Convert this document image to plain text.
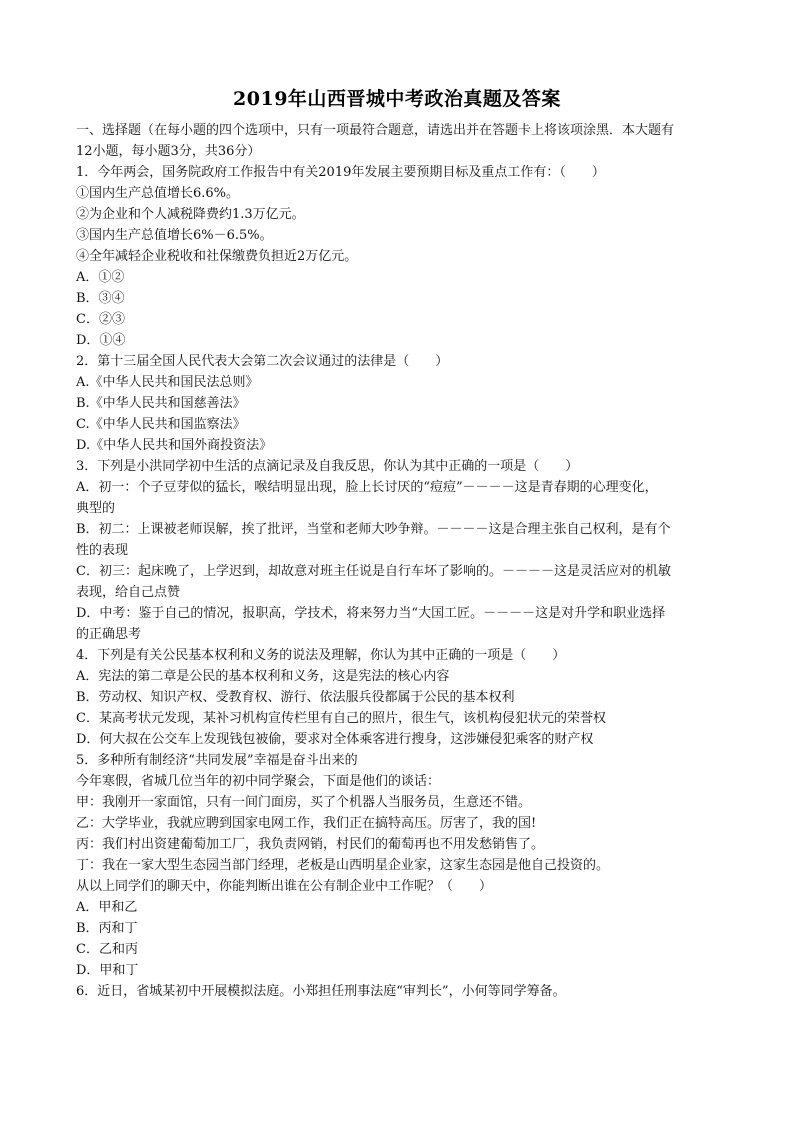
2019年山西晋城中考政治真题及答案
一、选择题（在每小题的四个选项中，只有一项最符合题意，请选出并在答题卡上将该项涂黑．本大题有
12小题，每小题3分，共36分）
1．今年两会，国务院政府工作报告中有关2019年发展主要预期目标及重点工作有：（　　）
①国内生产总值增长6.6%。
②为企业和个人减税降费约1.3万亿元。
③国内生产总值增长6%－6.5%。
④全年减轻企业税收和社保缴费负担近2万亿元。
A．①②
B．③④
C．②③
D．①④
2．第十三届全国人民代表大会第二次会议通过的法律是（　　）
A.《中华人民共和国民法总则》
B.《中华人民共和国慈善法》
C.《中华人民共和国监察法》
D.《中华人民共和国外商投资法》
3．下列是小洪同学初中生活的点滴记录及自我反思，你认为其中正确的一项是（　　）
A．初一：个子豆芽似的猛长，喉结明显出现，脸上长讨厌的“痘痘”－－－－这是青春期的心理变化，
典型的
B．初二：上课被老师误解，挨了批评，当堂和老师大吵争辩。－－－－这是合理主张自己权利，是有个
性的表现
C．初三：起床晚了，上学迟到，却故意对班主任说是自行车坏了影响的。－－－－这是灵活应对的机敏
表现，给自己点赞
D．中考：鉴于自己的情况，报职高，学技术，将来努力当“大国工匠。－－－－这是对升学和职业选择
的正确思考
4．下列是有关公民基本权利和义务的说法及理解，你认为其中正确的一项是（　　）
A．宪法的第二章是公民的基本权利和义务，这是宪法的核心内容
B．劳动权、知识产权、受教育权、游行、依法服兵役都属于公民的基本权利
C．某高考状元发现，某补习机构宣传栏里有自己的照片，很生气，该机构侵犯状元的荣誉权
D．何大叔在公交车上发现钱包被偷，要求对全体乘客进行搜身，这涉嫌侵犯乘客的财产权
5．多种所有制经济“共同发展”幸福是奋斗出来的
今年寒假，省城几位当年的初中同学聚会，下面是他们的谈话：
甲：我刚开一家面馆，只有一间门面房，买了个机器人当服务员，生意还不错。
乙：大学毕业，我就应聘到国家电网工作，我们正在搞特高压。厉害了，我的国!
丙：我们村出资建葡萄加工厂，我负责网销，村民们的葡萄再也不用发愁销售了。
丁：我在一家大型生态园当部门经理，老板是山西明星企业家，这家生态园是他自己投资的。
从以上同学们的聊天中，你能判断出谁在公有制企业中工作呢？（　　）
A．甲和乙
B．丙和丁
C．乙和丙
D．甲和丁
6．近日，省城某初中开展模拟法庭。小郑担任刑事法庭“审判长”，小何等同学筹备。
